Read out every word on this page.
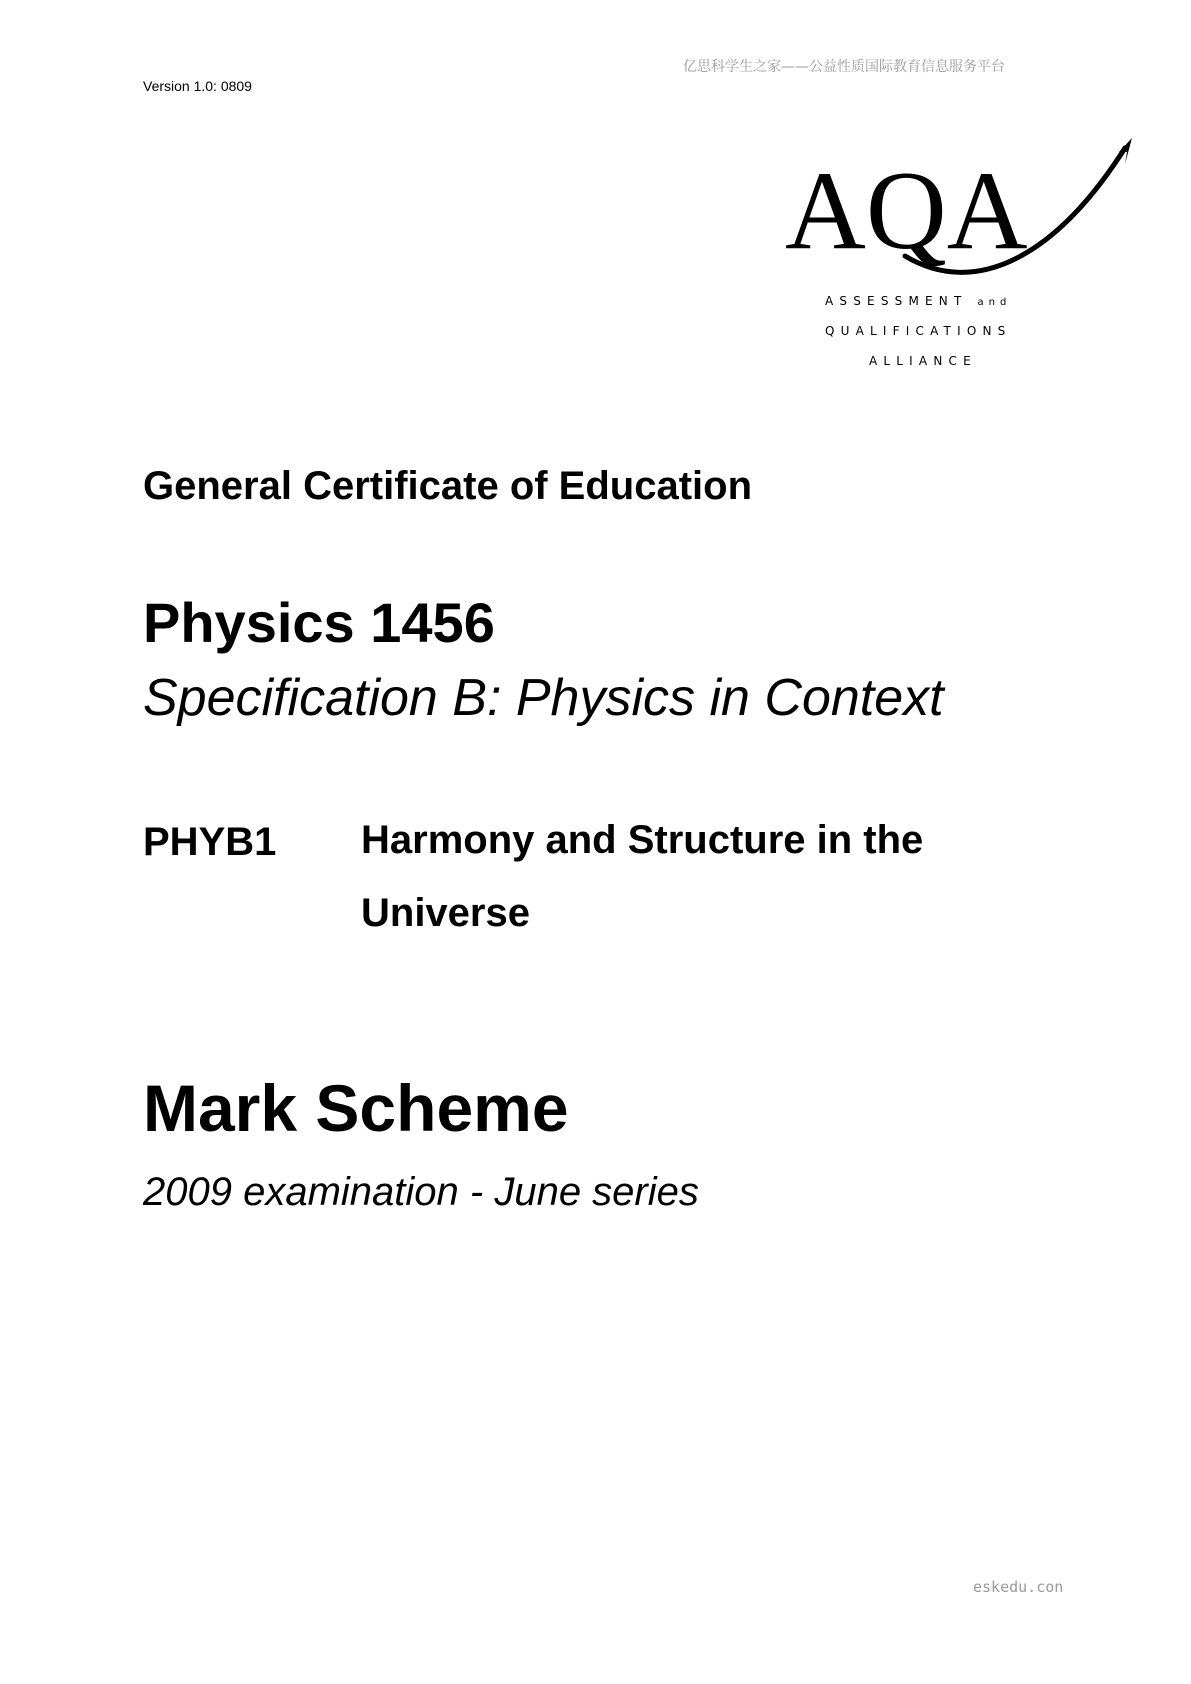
亿思科学生之家——公益性质国际教育信息服务平台
Version 1.0: 0809
AQA
ASSESSMENT and
QUALIFICATIONS
ALLIANCE
General Certificate of Education
Physics 1456
Specification B: Physics in Context
PHYB1 Harmony and Structure in the Universe
Mark Scheme
2009 examination - June series
eskedu.con
